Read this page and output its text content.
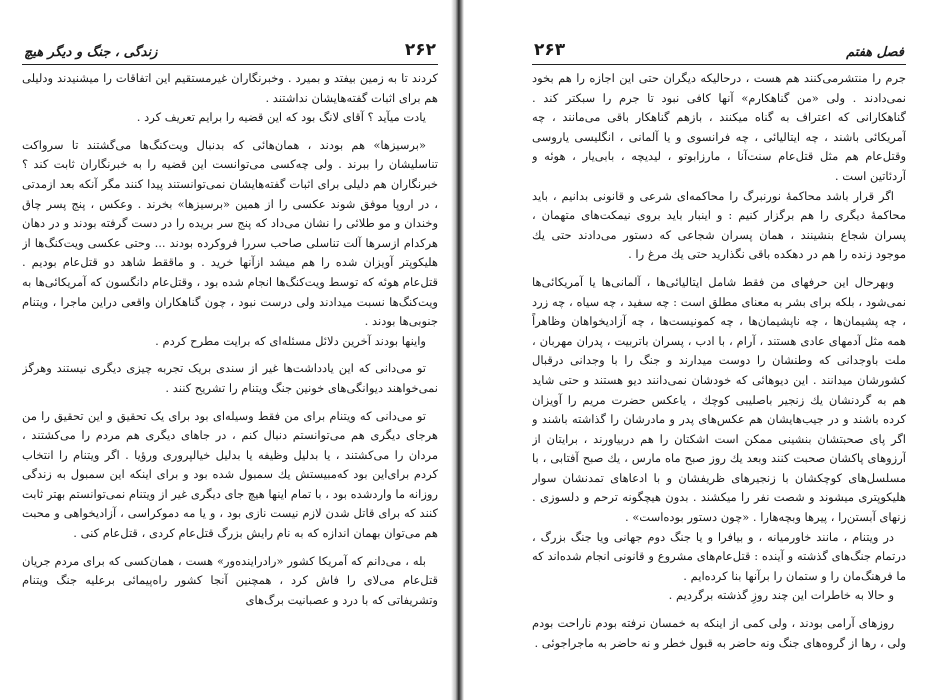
۲۶۲
زندگی ، جنگ و دیگر هیچ

کردند تا به زمین بیفتد و بمیرد . وخبرنگاران غیرمستقیم این اتفاقات را میشنیدند ودلیلی هم برای اثبات گفته‌هایشان نداشتند .

یادت میآید ؟ آقای لانگ بود که این قضیه را برایم تعریف کرد .

«برسیزها» هم بودند ، همان‌هائی که بدنبال ویت‌کنگ‌ها می‌گشتند تا سرواکت تناسلیشان را ببرند . ولی چه‌کسی می‌توانست این قضیه را به خبرنگاران ثابت کند ؟ خبرنگاران هم دلیلی برای اثبات گفته‌هایشان نمی‌توانستند پیدا کنند مگر آنکه بعد ازمدتی ، در اروپا موفق شوند عکسی را از همین «برسیزها» بخرند . وعکس ، پنج پسر چاق وخندان و مو طلائی را نشان می‌داد که پنج سر بریده را در دست گرفته بودند و در دهان هرکدام ازسرها آلت تناسلی صاحب سررا فروکرده بودند ... وحتی عکسی ویت‌کنگ‌ها از هلیکوپتر آویزان شده را هم میشد ازآنها خرید . و ماققط شاهد دو قتل‌عام بودیم . قتل‌عام هوئه که توسط ویت‌کنگ‌ها انجام شده بود ، وقتل‌عام دانگسون که آمریکائی‌ها به ویت‌کنگ‌ها نسبت میدادند ولی درست نبود ، چون گناهکاران واقعی دراین ماجرا ، ویتنام جنوبی‌ها بودند .

واینها بودند آخرین دلائل مسئله‌ای که برایت مطرح کردم .

تو می‌دانی که این یادداشت‌ها غیر از سندی بریک تجربه چیزی دیگری نیستند وهرگز نمی‌خواهند دیوانگی‌های خونین جنگ ویتنام را تشریح کنند .

تو می‌دانی که ویتنام برای من فقط وسیله‌ای بود برای یک تحقیق و این تحقیق را من هرجای دیگری هم می‌توانستم دنبال کنم ، در جاهای دیگری هم مردم را می‌کشتند ، مردان را می‌کشتند ، یا بدلیل وظیفه یا بدلیل خیالپروری ورؤیا . اگر ویتنام را انتخاب کردم برای‌این بود که‌مبیستش یك سمبول شده بود و برای اینکه این سمبول به زندگی روزانه ما واردشده بود ، با تمام اینها هیچ جای دیگری غیر از ویتنام نمی‌توانستم بهتر ثابت کنند که برای قاتل شدن لازم نیست نازی بود ، و یا مه دموکراسی ، آزادیخواهی و محبت هم می‌توان بهمان اندازه که به نام رایش بزرگ قتل‌عام کردی ، قتل‌عام کنی .

بله ، می‌دانم که آمریکا کشور «رادراینده‌ور» هست ، همان‌کسی که برای مردم جریان قتل‌عام می‌لای را فاش کرد ، همچنین آنجا کشور راه‌پیمائی برعلیه جنگ ویتنام وتشریفاتی که با درد و عصبانیت برگ‌های

فصل هفتم
۲۶۳

جرم را منتشرمی‌کنند هم هست ، درحالیکه دیگران حتی این اجازه را هم بخود نمی‌دادند . ولی «من گناهکارم» آنها کافی نبود تا جرم را سبکتر کند . گناهکارانی که اعتراف به گناه میکنند ، بازهم گناهکار باقی می‌مانند ، چه آمریکائی باشند ، چه ایتالیائی ، چه فرانسوی و یا آلمانی ، انگلیسی یاروسی وقتل‌عام هم مثل قتل‌عام سنت‌آنا ، مارزابوتو ، لیدیچه ، بابی‌یار ، هوئه و آردئاتین است .

اگر قرار باشد محاکمهٔ نورنبرگ را محاکمه‌ای شرعی و قانونی بدانیم ، باید محاکمهٔ دیگری را هم برگزار کنیم : و اینبار باید بروی نیمکت‌های متهمان ، پسران شجاع بنشینند ، همان پسران شجاعی که دستور می‌دادند حتی یك موجود زنده را هم در دهکده باقی نگذارید حتی یك مرغ را .

وبهرحال این حرفهای من فقط شامل ایتالیائی‌ها ، آلمانی‌ها یا آمریکائی‌ها نمی‌شود ، بلکه برای بشر به معنای مطلق است : چه سفید ، چه سیاه ، چه زرد ، چه پشیمان‌ها ، چه ناپشیمان‌ها ، چه کمونیست‌ها ، چه آزادیخواهان وظاهراً همه مثل آدمهای عادی هستند ، آرام ، با ادب ، پسران باتربیت ، پدران مهربان ، ملت باوجدانی که وطنشان را دوست میدارند و جنگ را با وجدانی درقبال کشورشان میدانند . این دیوهائی که خودشان نمی‌دانند دیو هستند و حتی شاید هم به گردنشان یك زنجیر باصلیبی کوچك ، یاعکس حضرت مریم را آویزان کرده باشند و در جیب‌هایشان هم عکس‌های پدر و مادرشان را گذاشته باشند و اگر پای صحبتشان بنشینی ممکن است اشکتان را هم دربیاورند ، برایتان از آرزوهای پاکشان صحبت کنند وبعد یك روز صبح ماه مارس ، یك صبح آفتابی ، با مسلسل‌های کوچکشان با زنجیرهای ظریفشان و با ادعاهای تمدنشان سوار هلیکوپتری میشوند و شصت نفر را میکشند . بدون هیچگونه ترحم و دلسوزی . زنهای آبستن‌را ، پیرها وبچه‌ها‌را . «چون دستور بوده‌است» .

در ویتنام ، مانند خاورمیانه ، و بیافرا و یا جنگ دوم جهانی ویا جنگ بزرگ ، درتمام جنگ‌های گذشته و آینده : قتل‌عام‌های مشروع و قانونی انجام شده‌اند که ما فرهنگ‌مان را و ستمان را برآنها بنا کرده‌ایم .

و حالا به خاطرات این چند روزِ گذشته برگردیم .

روزهای آرامی بودند ، ولی کمی از اینکه به خمسان نرفته بودم ناراحت بودم ولی ، رها از گروه‌های جنگ ونه حاضر به قبول خطر و نه حاضر به ماجراجوئی .
